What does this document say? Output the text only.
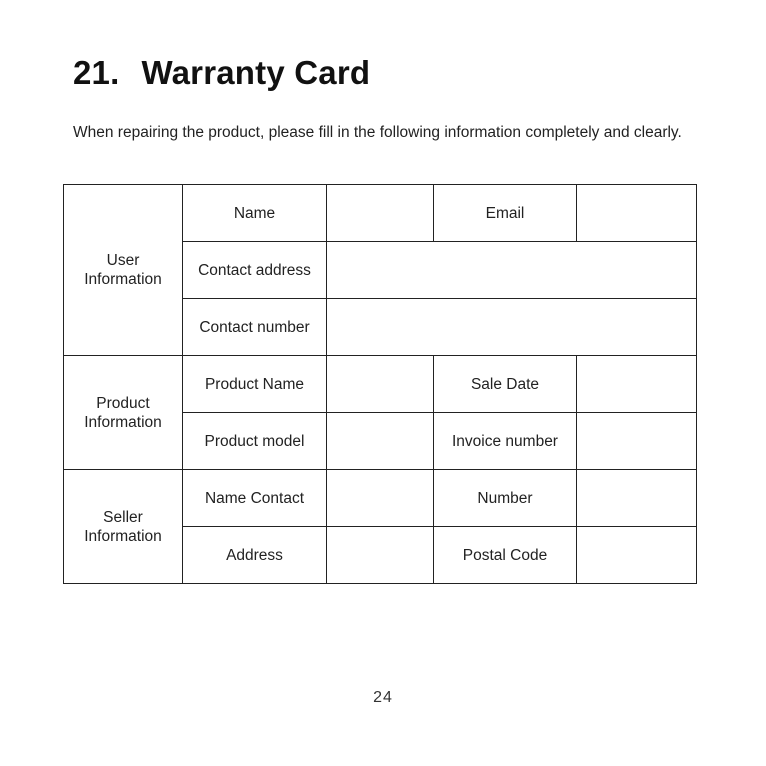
21. Warranty Card
When repairing the product, please fill in the following information completely and clearly.
User Information	Name		Email	
	Contact address			
	Contact number			
Product Information	Product Name		Sale Date	
	Product model		Invoice number	
Seller Information	Name Contact		Number	
	Address		Postal Code	
24
